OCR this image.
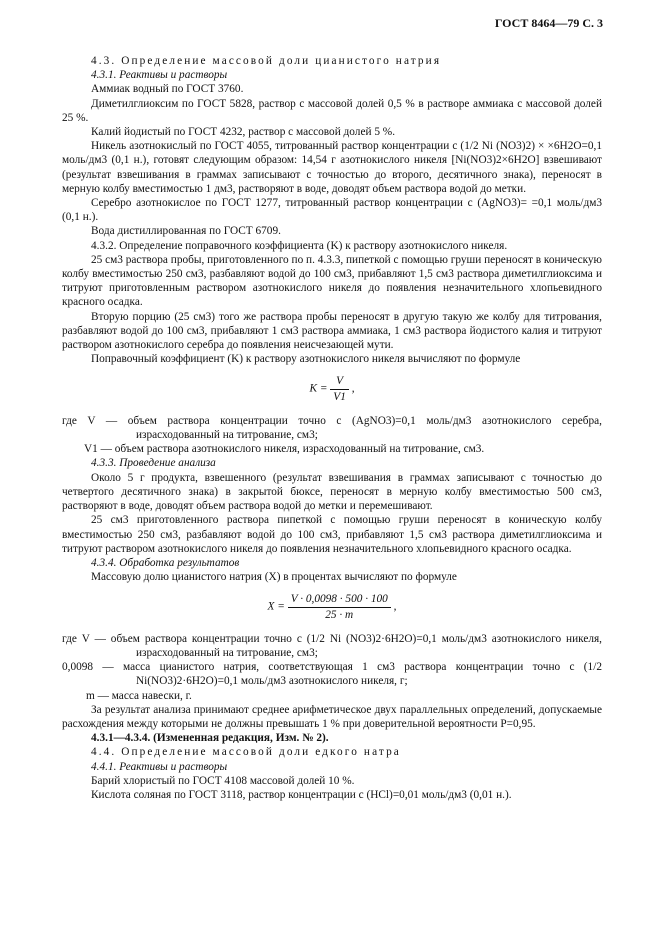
ГОСТ 8464—79 С. 3

4.3. Определение массовой доли цианистого натрия

4.3.1. Реактивы и растворы

Аммиак водный по ГОСТ 3760.

Диметилглиоксим по ГОСТ 5828, раствор с массовой долей 0,5 % в растворе аммиака с массовой долей 25 %.

Калий йодистый по ГОСТ 4232, раствор с массовой долей 5 %.

Никель азотнокислый по ГОСТ 4055, титрованный раствор концентрации c (1/2 Ni (NO3)2) × ×6H2O=0,1 моль/дм3 (0,1 н.), готовят следующим образом: 14,54 г азотнокислого никеля [Ni(NO3)2×6H2O] взвешивают (результат взвешивания в граммах записывают с точностью до второго, десятичного знака), переносят в мерную колбу вместимостью 1 дм3, растворяют в воде, доводят объем раствора водой до метки.

Серебро азотнокислое по ГОСТ 1277, титрованный раствор концентрации c (AgNO3)= =0,1 моль/дм3 (0,1 н.).

Вода дистиллированная по ГОСТ 6709.

4.3.2. Определение поправочного коэффициента (K) к раствору азотнокислого никеля.

25 см3 раствора пробы, приготовленного по п. 4.3.3, пипеткой с помощью груши переносят в коническую колбу вместимостью 250 см3, разбавляют водой до 100 см3, прибавляют 1,5 см3 раствора диметилглиоксима и титруют приготовленным раствором азотнокислого никеля до появления незначительного хлопьевидного красного осадка.

Вторую порцию (25 см3) того же раствора пробы переносят в другую такую же колбу для титрования, разбавляют водой до 100 см3, прибавляют 1 см3 раствора аммиака, 1 см3 раствора йодистого калия и титруют раствором азотнокислого серебра до появления неисчезающей мути.

Поправочный коэффициент (K) к раствору азотнокислого никеля вычисляют по формуле

$K = \frac{V}{V1}$ ,

где V — объем раствора концентрации точно c (AgNO3)=0,1 моль/дм3 азотнокислого серебра, израсходованный на титрование, см3;

V1 — объем раствора азотнокислого никеля, израсходованный на титрование, см3.

4.3.3. Проведение анализа

Около 5 г продукта, взвешенного (результат взвешивания в граммах записывают с точностью до четвертого десятичного знака) в закрытой бюксе, переносят в мерную колбу вместимостью 500 см3, растворяют в воде, доводят объем раствора водой до метки и перемешивают.

25 см3 приготовленного раствора пипеткой с помощью груши переносят в коническую колбу вместимостью 250 см3, разбавляют водой до 100 см3, прибавляют 1,5 см3 раствора диметилглиоксима и титруют раствором азотнокислого никеля до появления незначительного хлопьевидного красного осадка.

4.3.4. Обработка результатов

Массовую долю цианистого натрия (X) в процентах вычисляют по формуле

$X = \frac{V \cdot 0,0098 \cdot 500 \cdot 100}{25 \cdot m}$ ,

где V — объем раствора концентрации точно c (1/2 Ni (NO3)2·6H2O)=0,1 моль/дм3 азотнокислого никеля, израсходованный на титрование, см3;

0,0098 — масса цианистого натрия, соответствующая 1 см3 раствора концентрации точно c (1/2 Ni(NO3)2·6H2O)=0,1 моль/дм3 азотнокислого никеля, г;

m — масса навески, г.

За результат анализа принимают среднее арифметическое двух параллельных определений, допускаемые расхождения между которыми не должны превышать 1 % при доверительной вероятности P=0,95.

4.3.1—4.3.4. (Измененная редакция, Изм. № 2).

4.4. Определение массовой доли едкого натра

4.4.1. Реактивы и растворы

Барий хлористый по ГОСТ 4108 массовой долей 10 %.

Кислота соляная по ГОСТ 3118, раствор концентрации c (HCl)=0,01 моль/дм3 (0,01 н.).
